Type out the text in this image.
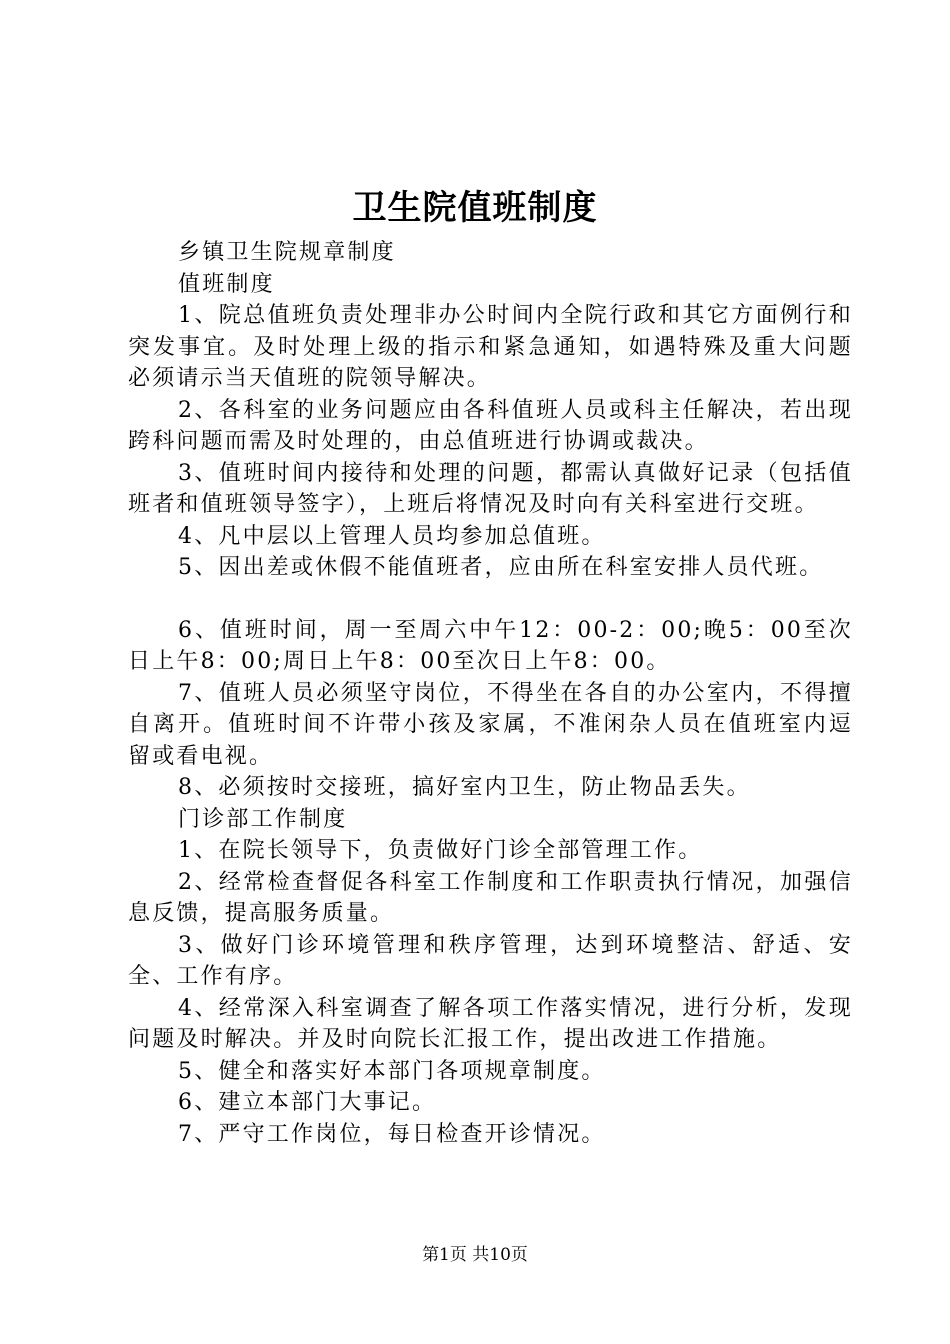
卫生院值班制度

乡镇卫生院规章制度

值班制度

1、院总值班负责处理非办公时间内全院行政和其它方面例行和突发事宜。及时处理上级的指示和紧急通知，如遇特殊及重大问题必须请示当天值班的院领导解决。

2、各科室的业务问题应由各科值班人员或科主任解决，若出现跨科问题而需及时处理的，由总值班进行协调或裁决。

3、值班时间内接待和处理的问题，都需认真做好记录（包括值班者和值班领导签字），上班后将情况及时向有关科室进行交班。

4、凡中层以上管理人员均参加总值班。

5、因出差或休假不能值班者，应由所在科室安排人员代班。

6、值班时间，周一至周六中午12：00-2：00;晚5：00至次日上午8：00;周日上午8：00至次日上午8：00。

7、值班人员必须坚守岗位，不得坐在各自的办公室内，不得擅自离开。值班时间不许带小孩及家属，不准闲杂人员在值班室内逗留或看电视。

8、必须按时交接班，搞好室内卫生，防止物品丢失。

门诊部工作制度

1、在院长领导下，负责做好门诊全部管理工作。

2、经常检查督促各科室工作制度和工作职责执行情况，加强信息反馈，提高服务质量。

3、做好门诊环境管理和秩序管理，达到环境整洁、舒适、安全、工作有序。

4、经常深入科室调查了解各项工作落实情况，进行分析，发现问题及时解决。并及时向院长汇报工作，提出改进工作措施。

5、健全和落实好本部门各项规章制度。

6、建立本部门大事记。

7、严守工作岗位，每日检查开诊情况。

第1页 共10页
